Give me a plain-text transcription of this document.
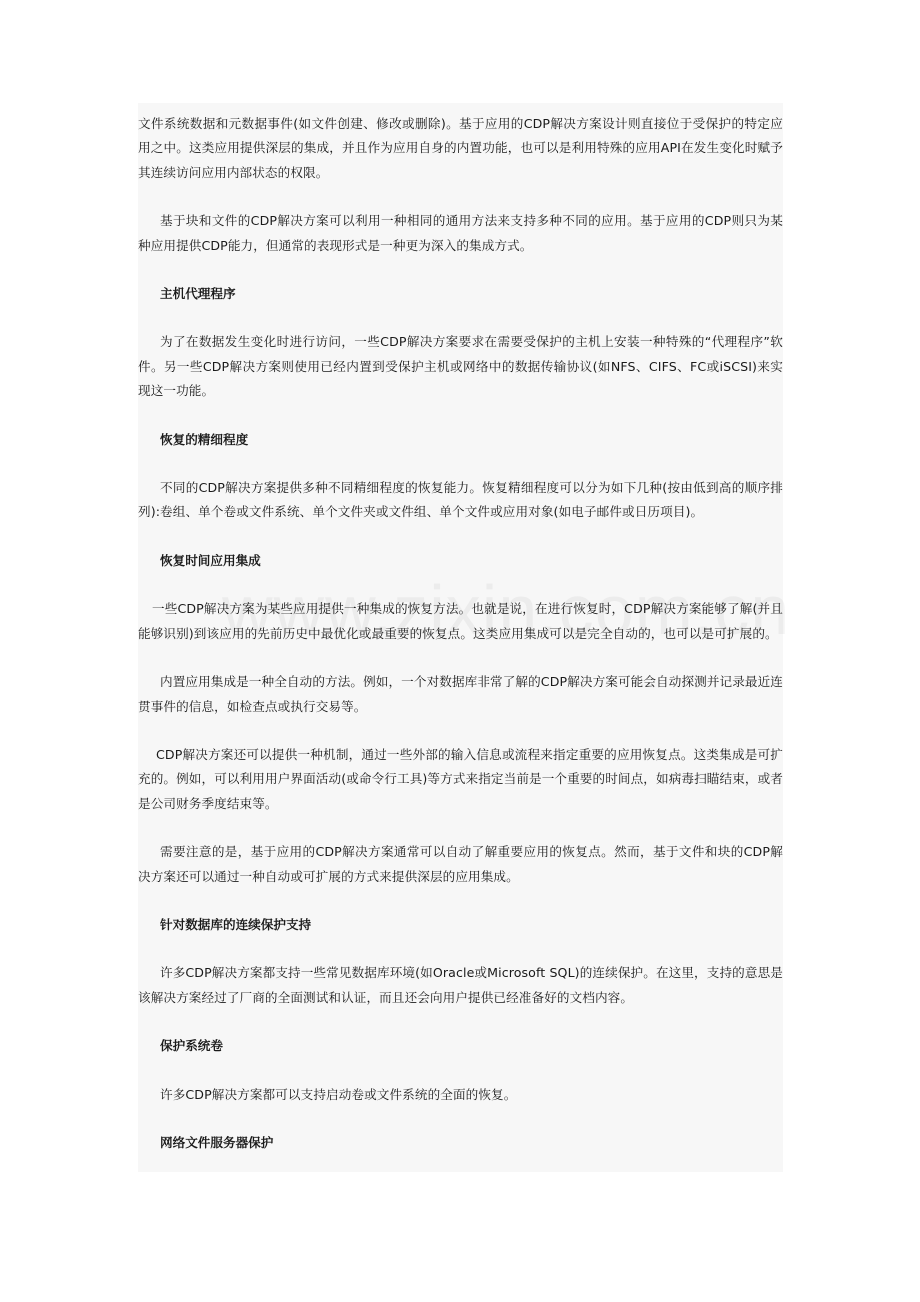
文件系统数据和元数据事件(如文件创建、修改或删除)。基于应用的CDP解决方案设计则直接位于受保护的特定应用之中。这类应用提供深层的集成，并且作为应用自身的内置功能，也可以是利用特殊的应用API在发生变化时赋予其连续访问应用内部状态的权限。

基于块和文件的CDP解决方案可以利用一种相同的通用方法来支持多种不同的应用。基于应用的CDP则只为某种应用提供CDP能力，但通常的表现形式是一种更为深入的集成方式。

主机代理程序

为了在数据发生变化时进行访问，一些CDP解决方案要求在需要受保护的主机上安装一种特殊的“代理程序”软件。另一些CDP解决方案则使用已经内置到受保护主机或网络中的数据传输协议(如NFS、CIFS、FC或iSCSI)来实现这一功能。

恢复的精细程度

不同的CDP解决方案提供多种不同精细程度的恢复能力。恢复精细程度可以分为如下几种(按由低到高的顺序排列):卷组、单个卷或文件系统、单个文件夹或文件组、单个文件或应用对象(如电子邮件或日历项目)。

恢复时间应用集成

一些CDP解决方案为某些应用提供一种集成的恢复方法。也就是说，在进行恢复时，CDP解决方案能够了解(并且能够识别)到该应用的先前历史中最优化或最重要的恢复点。这类应用集成可以是完全自动的，也可以是可扩展的。

内置应用集成是一种全自动的方法。例如，一个对数据库非常了解的CDP解决方案可能会自动探测并记录最近连贯事件的信息，如检查点或执行交易等。

CDP解决方案还可以提供一种机制，通过一些外部的输入信息或流程来指定重要的应用恢复点。这类集成是可扩充的。例如，可以利用用户界面活动(或命令行工具)等方式来指定当前是一个重要的时间点，如病毒扫瞄结束，或者是公司财务季度结束等。

需要注意的是，基于应用的CDP解决方案通常可以自动了解重要应用的恢复点。然而，基于文件和块的CDP解决方案还可以通过一种自动或可扩展的方式来提供深层的应用集成。

针对数据库的连续保护支持

许多CDP解决方案都支持一些常见数据库环境(如Oracle或Microsoft SQL)的连续保护。在这里，支持的意思是该解决方案经过了厂商的全面测试和认证，而且还会向用户提供已经准备好的文档内容。

保护系统卷

许多CDP解决方案都可以支持启动卷或文件系统的全面的恢复。

网络文件服务器保护
